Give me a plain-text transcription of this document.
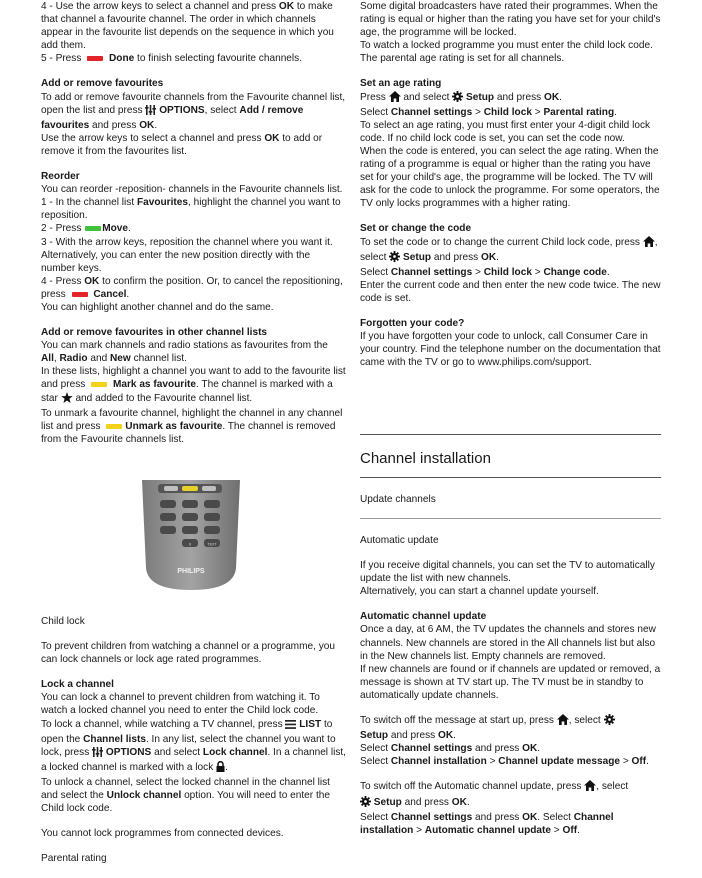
4 - Use the arrow keys to select a channel and press OK to make that channel a favourite channel. The order in which channels appear in the favourite list depends on the sequence in which you add them.

5 - Press  Done to finish selecting favourite channels.

Add or remove favourites

To add or remove favourite channels from the Favourite channel list, open the list and press  OPTIONS, select Add / remove favourites and press OK.

Use the arrow keys to select a channel and press OK to add or remove it from the favourites list.

Reorder

You can reorder -reposition- channels in the Favourite channels list.

1 - In the channel list Favourites, highlight the channel you want to reposition.

2 - Press Move.

3 - With the arrow keys, reposition the channel where you want it. Alternatively, you can enter the new position directly with the number keys.

4 - Press OK to confirm the position. Or, to cancel the repositioning, press  Cancel.

You can highlight another channel and do the same.

Add or remove favourites in other channel lists

You can mark channels and radio stations as favourites from the All, Radio and New channel list.

In these lists, highlight a channel you want to add to the favourite list and press  Mark as favourite. The channel is marked with a star  and added to the Favourite channel list.

To unmark a favourite channel, highlight the channel in any channel list and press Unmark as favourite. The channel is removed from the Favourite channels list.

0	TEXT
PHILIPS

Child lock

To prevent children from watching a channel or a programme, you can lock channels or lock age rated programmes.

Lock a channel

You can lock a channel to prevent children from watching it. To watch a locked channel you need to enter the Child lock code.

To lock a channel, while watching a TV channel, press  LIST to open the Channel lists. In any list, select the channel you want to lock, press  OPTIONS and select Lock channel. In a channel list, a locked channel is marked with a lock .

To unlock a channel, select the locked channel in the channel list and select the Unlock channel option. You will need to enter the Child lock code.

You cannot lock programmes from connected devices.

Parental rating

Some digital broadcasters have rated their programmes. When the rating is equal or higher than the rating you have set for your child's age, the programme will be locked.

To watch a locked programme you must enter the child lock code. The parental age rating is set for all channels.

Set an age rating

Press  and select  Setup and press OK.

Select Channel settings > Child lock > Parental rating.

To select an age rating, you must first enter your 4-digit child lock code. If no child lock code is set, you can set the code now.

When the code is entered, you can select the age rating. When the rating of a programme is equal or higher than the rating you have set for your child's age, the programme will be locked. The TV will ask for the code to unlock the programme. For some operators, the TV only locks programmes with a higher rating.

Set or change the code

To set the code or to change the current Child lock code, press , select  Setup and press OK.

Select Channel settings > Child lock > Change code.

Enter the current code and then enter the new code twice. The new code is set.

Forgotten your code?

If you have forgotten your code to unlock, call Consumer Care in your country. Find the telephone number on the documentation that came with the TV or go to www.philips.com/support.

Channel installation

Update channels

Automatic update

If you receive digital channels, you can set the TV to automatically update the list with new channels.

Alternatively, you can start a channel update yourself.

Automatic channel update

Once a day, at 6 AM, the TV updates the channels and stores new channels. New channels are stored in the All channels list but also in the New channels list. Empty channels are removed.

If new channels are found or if channels are updated or removed, a message is shown at TV start up. The TV must be in standby to automatically update channels.

To switch off the message at start up, press , select

Setup and press OK.

Select Channel settings and press OK.

Select Channel installation > Channel update message > Off.

To switch off the Automatic channel update, press , select

Setup and press OK.

Select Channel settings and press OK. Select Channel installation > Automatic channel update > Off.
